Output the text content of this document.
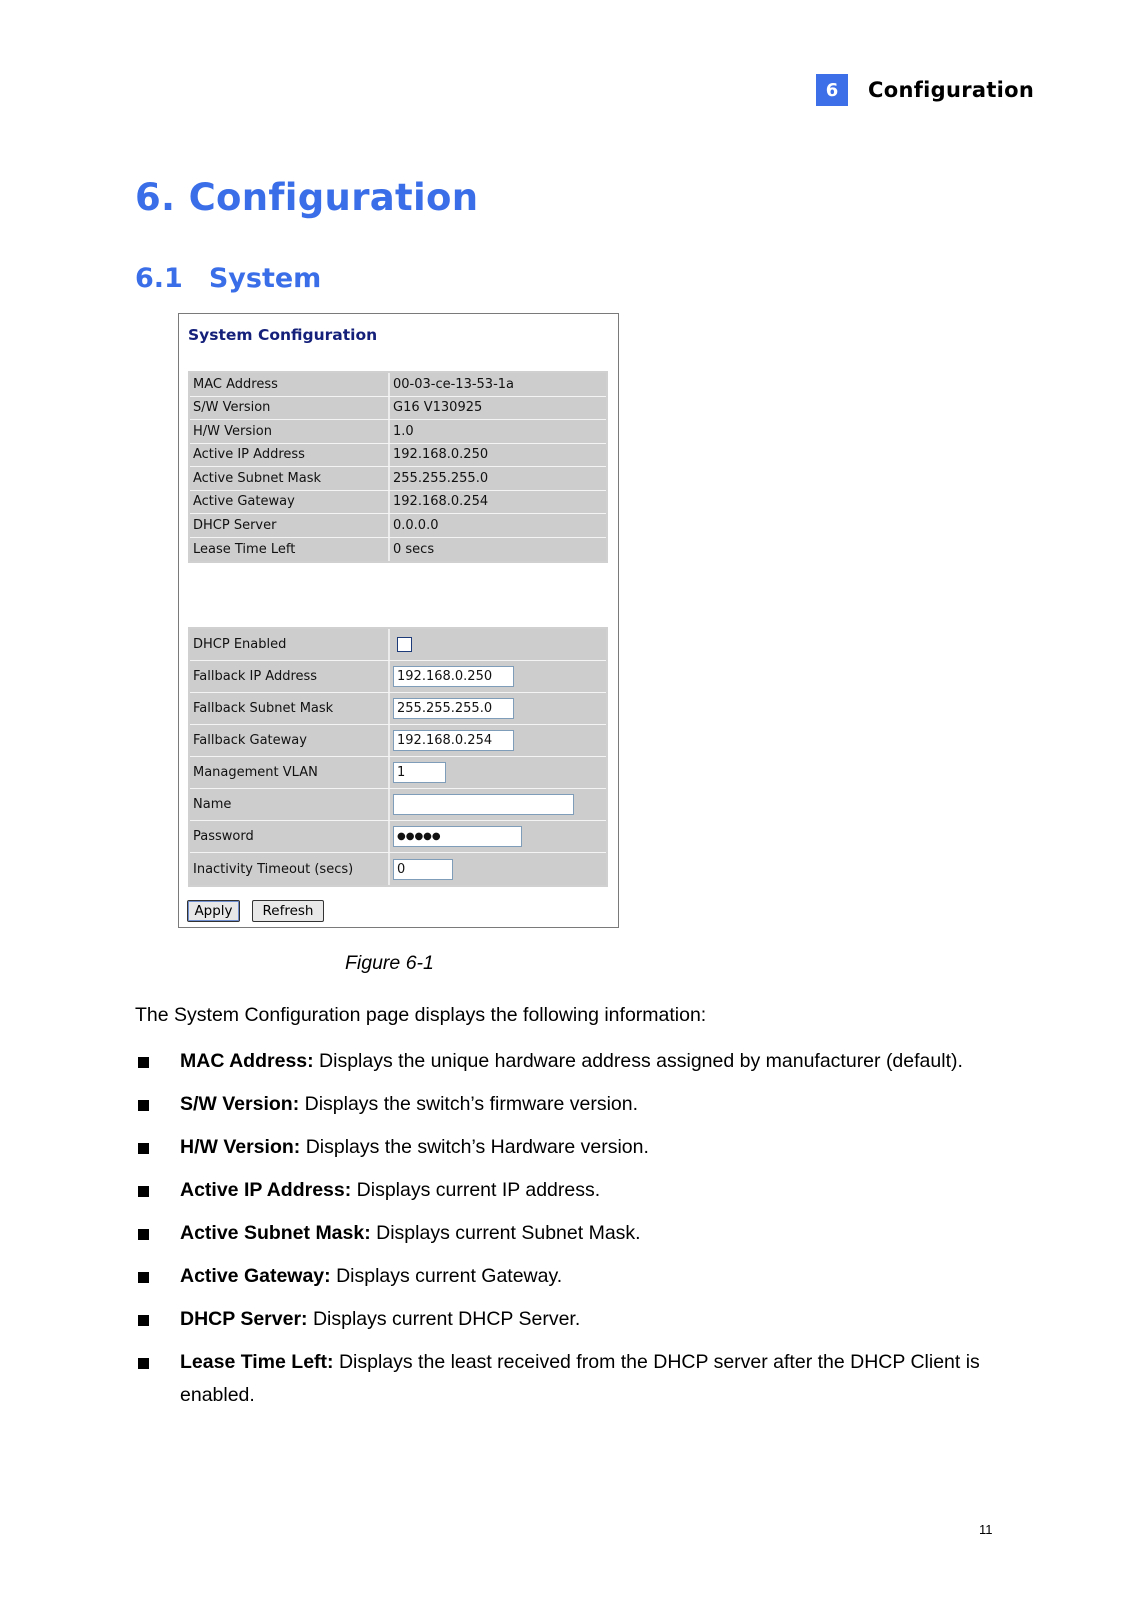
6	Configuration
6. Configuration
6.1 System
System Configuration
MAC Address	00-03-ce-13-53-1a
S/W Version	G16 V130925
H/W Version	1.0
Active IP Address	192.168.0.250
Active Subnet Mask	255.255.255.0
Active Gateway	192.168.0.254
DHCP Server	0.0.0.0
Lease Time Left	0 secs
DHCP Enabled
Fallback IP Address	192.168.0.250
Fallback Subnet Mask	255.255.255.0
Fallback Gateway	192.168.0.254
Management VLAN	1
Name
Password	●●●●●
Inactivity Timeout (secs)	0
Apply	Refresh
Figure 6-1
The System Configuration page displays the following information:
MAC Address: Displays the unique hardware address assigned by manufacturer (default).
S/W Version: Displays the switch’s firmware version.
H/W Version: Displays the switch’s Hardware version.
Active IP Address: Displays current IP address.
Active Subnet Mask: Displays current Subnet Mask.
Active Gateway: Displays current Gateway.
DHCP Server: Displays current DHCP Server.
Lease Time Left: Displays the least received from the DHCP server after the DHCP Client is enabled.
11
